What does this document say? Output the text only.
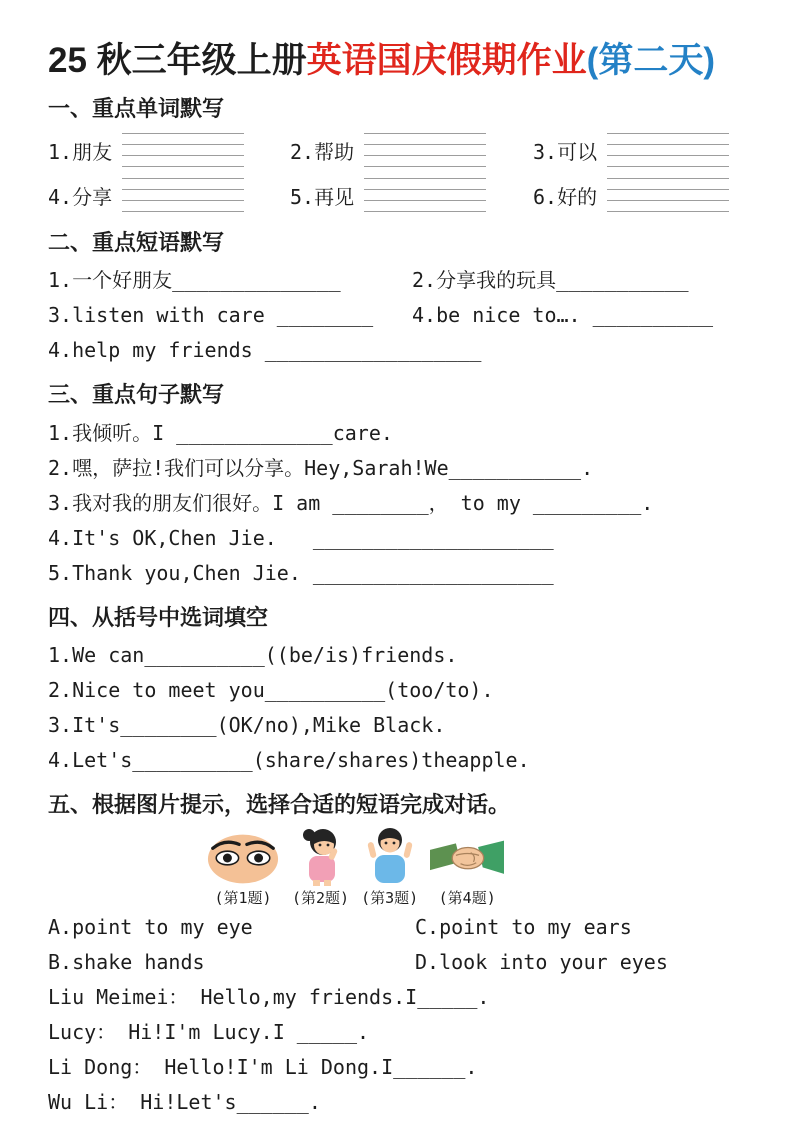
25 秋三年级上册英语国庆假期作业(第二天)
一、重点单词默写
1.朋友	2.帮助	3.可以
4.分享	5.再见	6.好的
二、重点短语默写
1.一个好朋友______________	2.分享我的玩具___________
3.listen with care ________	4.be nice to…. __________
4.help my friends __________________
三、重点句子默写
1.我倾听。I _____________care.
2.嘿，萨拉!我们可以分享。Hey,Sarah!We___________.
3.我对我的朋友们很好。I am ________， to my _________.
4.It's OK,Chen Jie.   ____________________
5.Thank you,Chen Jie. ____________________
四、从括号中选词填空
1.We can__________((be/is)friends.
2.Nice to meet you__________(too/to).
3.It's________(OK/no),Mike Black.
4.Let's__________(share/shares)theapple.
五、根据图片提示，选择合适的短语完成对话。
(第1题) (第2题) (第3题) (第4题)
A.point to my eye	C.point to my ears
B.shake hands	D.look into your eyes
Liu Meimei： Hello,my friends.I_____.
Lucy： Hi!I'm Lucy.I _____.
Li Dong： Hello!I'm Li Dong.I______.
Wu Li： Hi!Let's______.
